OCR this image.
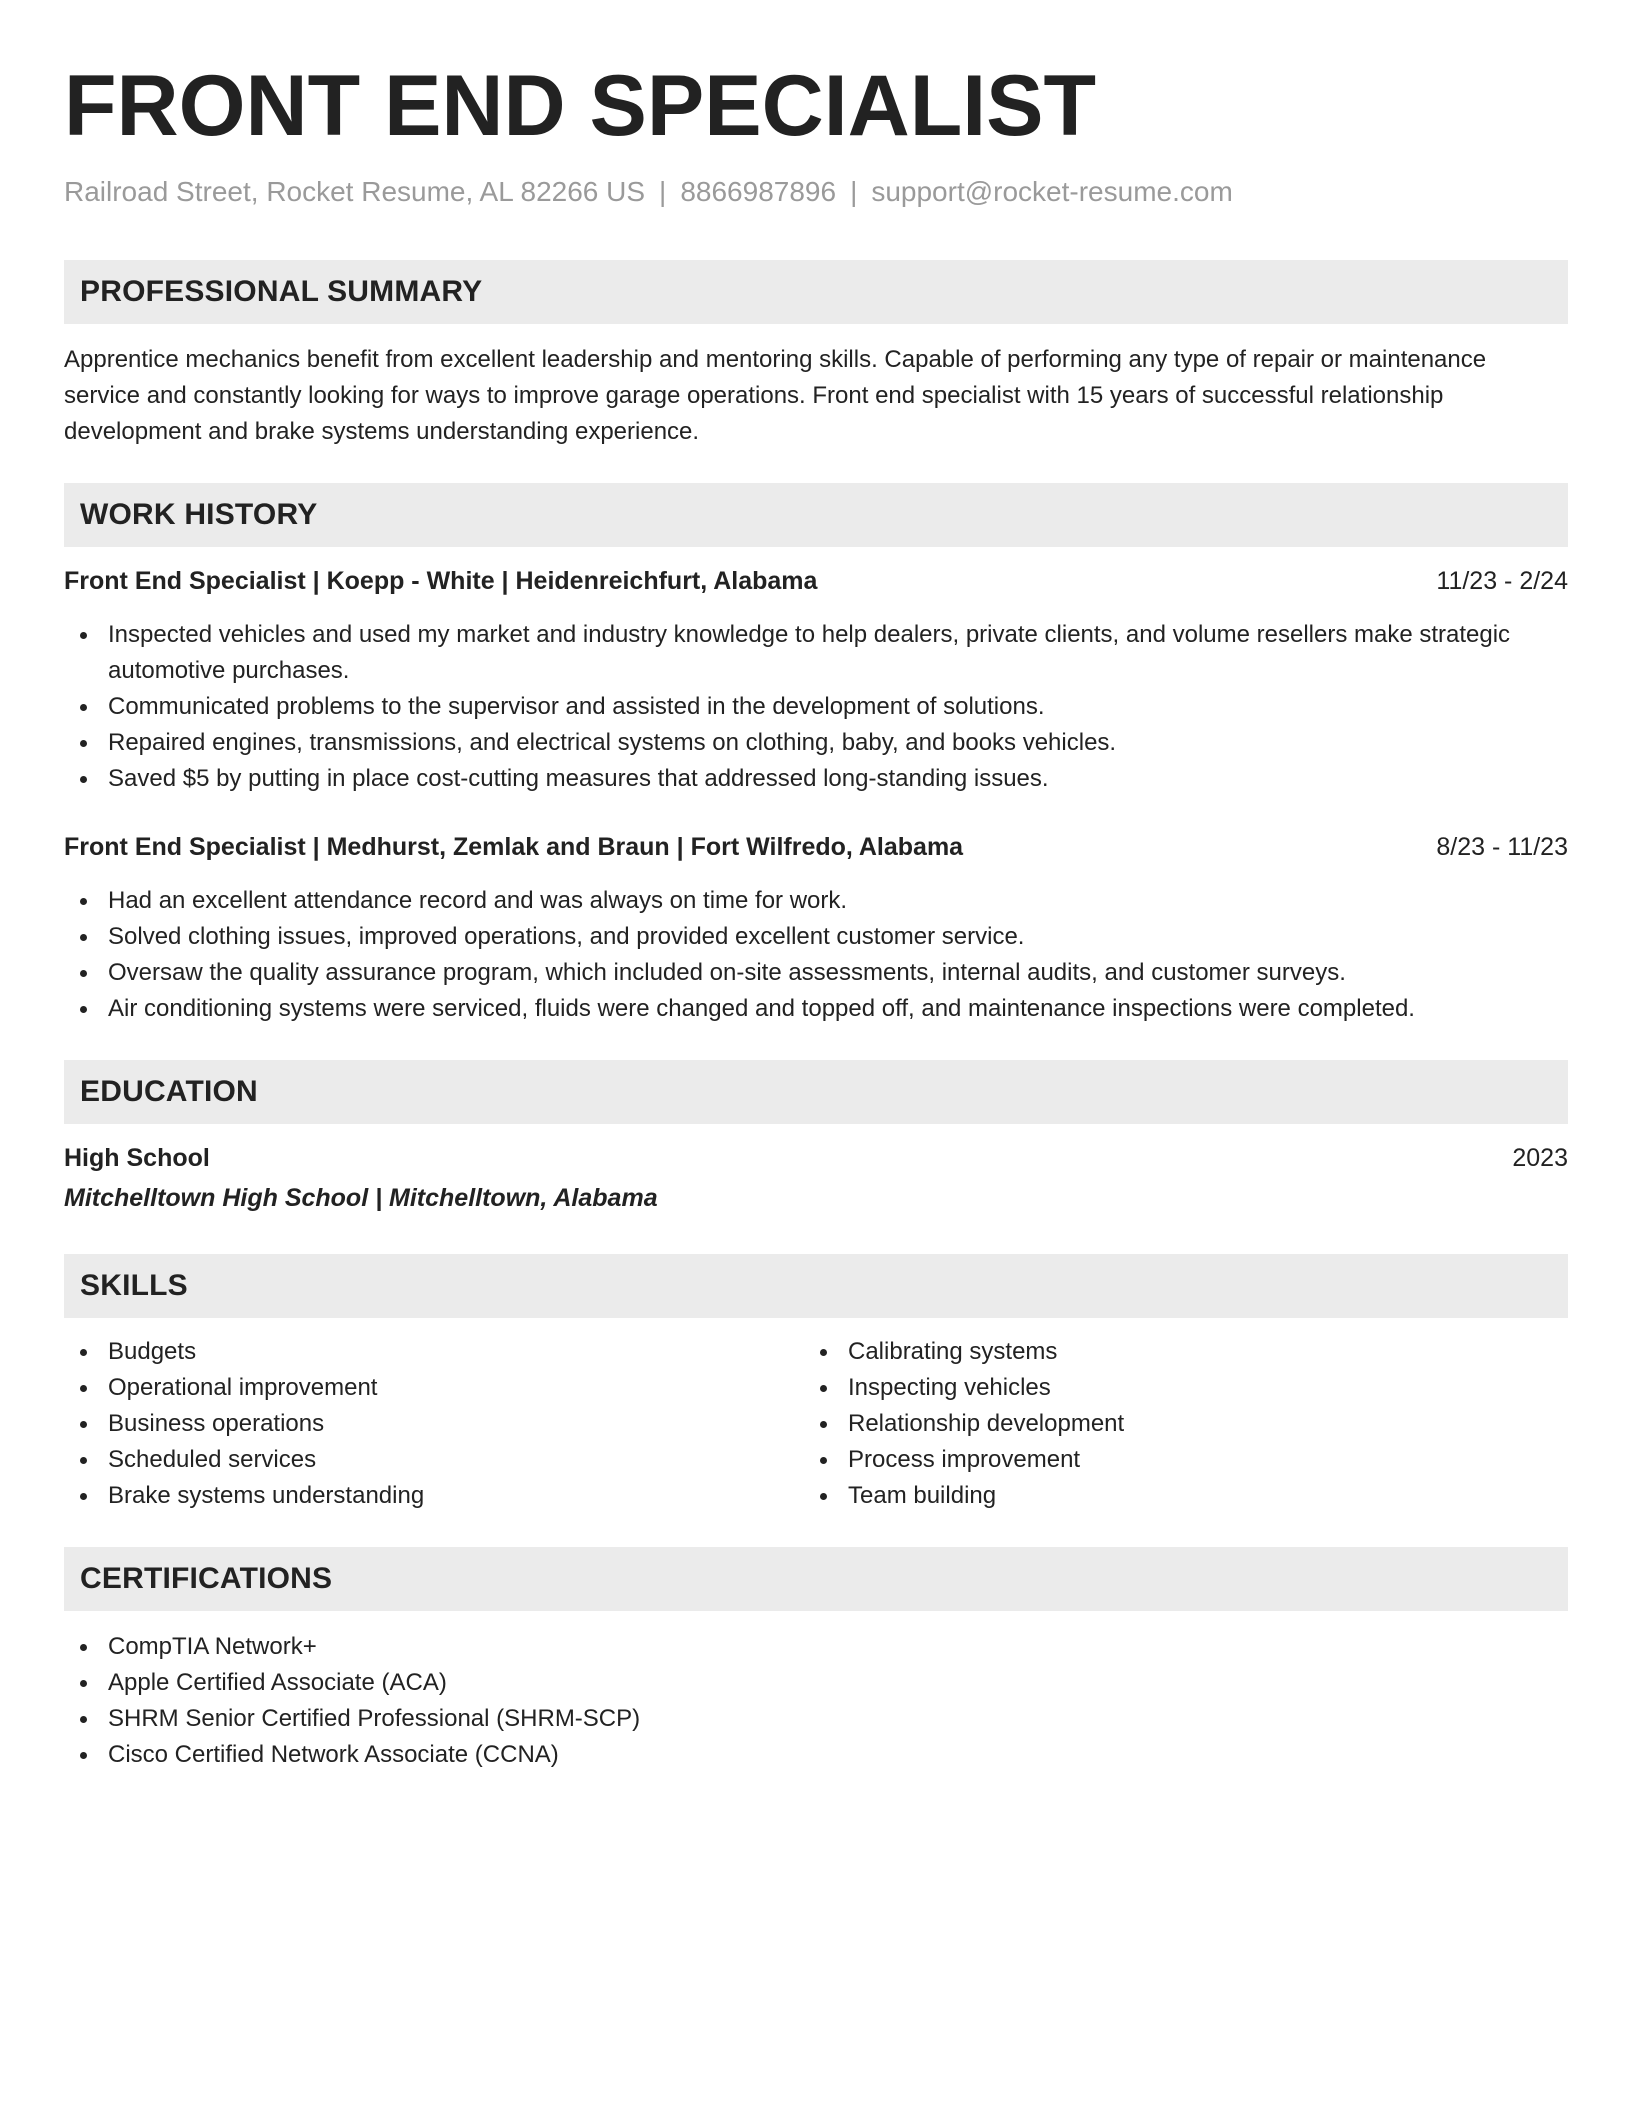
FRONT END SPECIALIST
Railroad Street, Rocket Resume, AL 82266 US | 8866987896 | support@rocket-resume.com
PROFESSIONAL SUMMARY

Apprentice mechanics benefit from excellent leadership and mentoring skills. Capable of performing any type of repair or maintenance service and constantly looking for ways to improve garage operations. Front end specialist with 15 years of successful relationship development and brake systems understanding experience.

WORK HISTORY
Front End Specialist | Koepp - White | Heidenreichfurt, Alabama	11/23 - 2/24
Inspected vehicles and used my market and industry knowledge to help dealers, private clients, and volume resellers make strategic automotive purchases.
Communicated problems to the supervisor and assisted in the development of solutions.
Repaired engines, transmissions, and electrical systems on clothing, baby, and books vehicles.
Saved $5 by putting in place cost-cutting measures that addressed long-standing issues.
Front End Specialist | Medhurst, Zemlak and Braun | Fort Wilfredo, Alabama	8/23 - 11/23
Had an excellent attendance record and was always on time for work.
Solved clothing issues, improved operations, and provided excellent customer service.
Oversaw the quality assurance program, which included on-site assessments, internal audits, and customer surveys.
Air conditioning systems were serviced, fluids were changed and topped off, and maintenance inspections were completed.
EDUCATION
High School	2023
Mitchelltown High School | Mitchelltown, Alabama
SKILLS
Budgets
Operational improvement
Business operations
Scheduled services
Brake systems understanding
Calibrating systems
Inspecting vehicles
Relationship development
Process improvement
Team building
CERTIFICATIONS
CompTIA Network+
Apple Certified Associate (ACA)
SHRM Senior Certified Professional (SHRM-SCP)
Cisco Certified Network Associate (CCNA)
